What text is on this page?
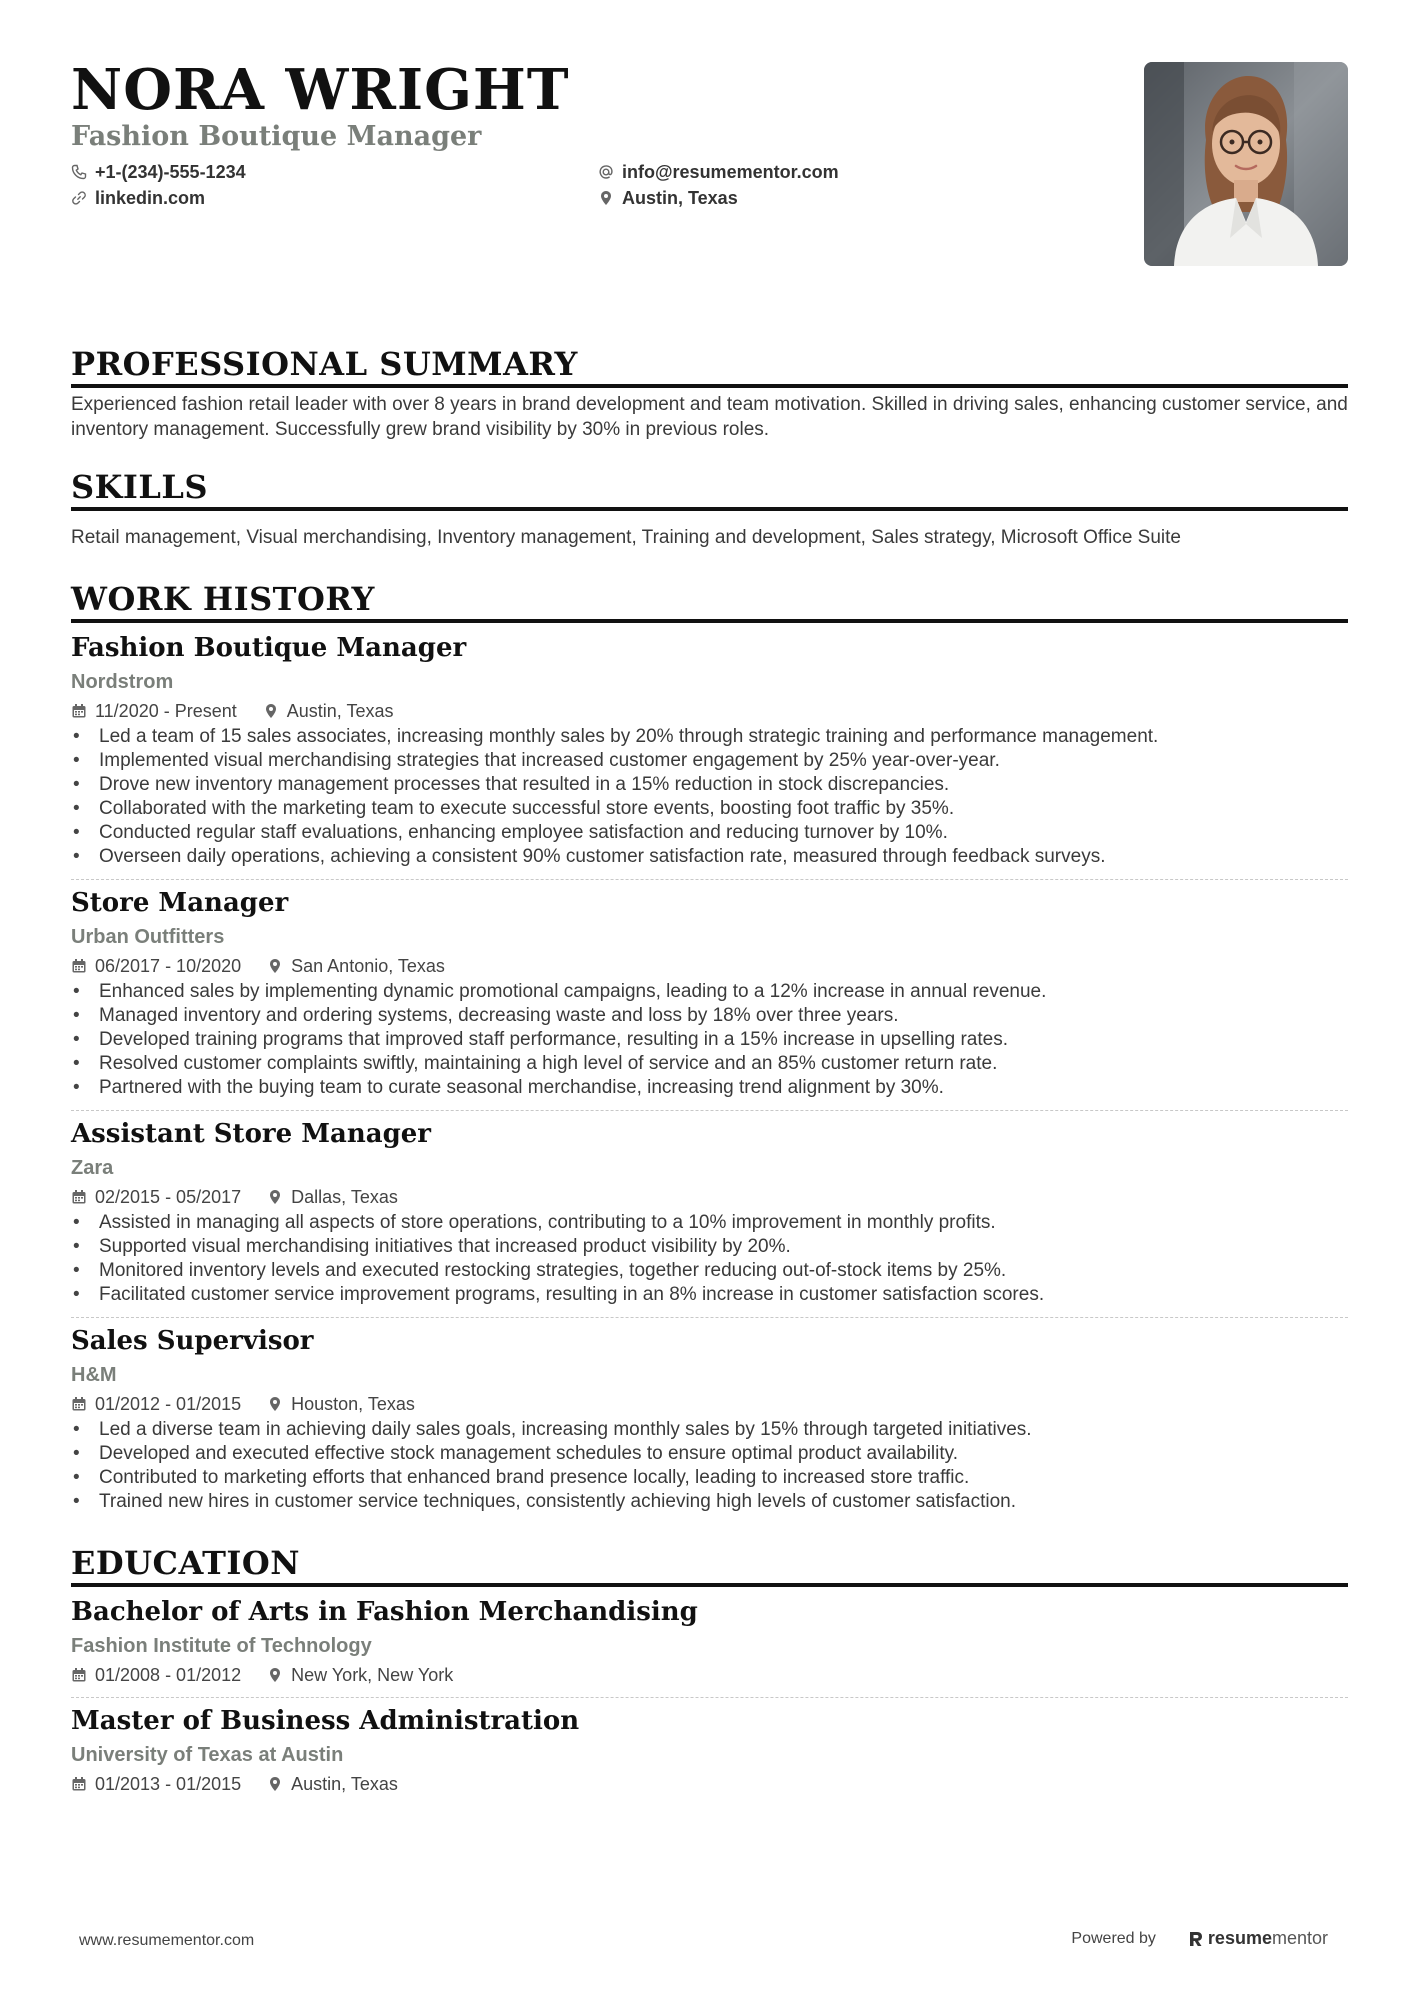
NORA WRIGHT
Fashion Boutique Manager
+1-(234)-555-1234	info@resumementor.com
linkedin.com	Austin, Texas
PROFESSIONAL SUMMARY

Experienced fashion retail leader with over 8 years in brand development and team motivation. Skilled in driving sales, enhancing customer service, and inventory management. Successfully grew brand visibility by 30% in previous roles.

SKILLS

Retail management, Visual merchandising, Inventory management, Training and development, Sales strategy, Microsoft Office Suite

WORK HISTORY
Fashion Boutique Manager
Nordstrom
11/2020 - Present	Austin, Texas
• Led a team of 15 sales associates, increasing monthly sales by 20% through strategic training and performance management.
• Implemented visual merchandising strategies that increased customer engagement by 25% year-over-year.
• Drove new inventory management processes that resulted in a 15% reduction in stock discrepancies.
• Collaborated with the marketing team to execute successful store events, boosting foot traffic by 35%.
• Conducted regular staff evaluations, enhancing employee satisfaction and reducing turnover by 10%.
• Overseen daily operations, achieving a consistent 90% customer satisfaction rate, measured through feedback surveys.
Store Manager
Urban Outfitters
06/2017 - 10/2020	San Antonio, Texas
• Enhanced sales by implementing dynamic promotional campaigns, leading to a 12% increase in annual revenue.
• Managed inventory and ordering systems, decreasing waste and loss by 18% over three years.
• Developed training programs that improved staff performance, resulting in a 15% increase in upselling rates.
• Resolved customer complaints swiftly, maintaining a high level of service and an 85% customer return rate.
• Partnered with the buying team to curate seasonal merchandise, increasing trend alignment by 30%.
Assistant Store Manager
Zara
02/2015 - 05/2017	Dallas, Texas
• Assisted in managing all aspects of store operations, contributing to a 10% improvement in monthly profits.
• Supported visual merchandising initiatives that increased product visibility by 20%.
• Monitored inventory levels and executed restocking strategies, together reducing out-of-stock items by 25%.
• Facilitated customer service improvement programs, resulting in an 8% increase in customer satisfaction scores.
Sales Supervisor
H&M
01/2012 - 01/2015	Houston, Texas
• Led a diverse team in achieving daily sales goals, increasing monthly sales by 15% through targeted initiatives.
• Developed and executed effective stock management schedules to ensure optimal product availability.
• Contributed to marketing efforts that enhanced brand presence locally, leading to increased store traffic.
• Trained new hires in customer service techniques, consistently achieving high levels of customer satisfaction.
EDUCATION
Bachelor of Arts in Fashion Merchandising
Fashion Institute of Technology
01/2008 - 01/2012	New York, New York
Master of Business Administration
University of Texas at Austin
01/2013 - 01/2015	Austin, Texas
www.resumementor.com	Powered by	resume mentor
